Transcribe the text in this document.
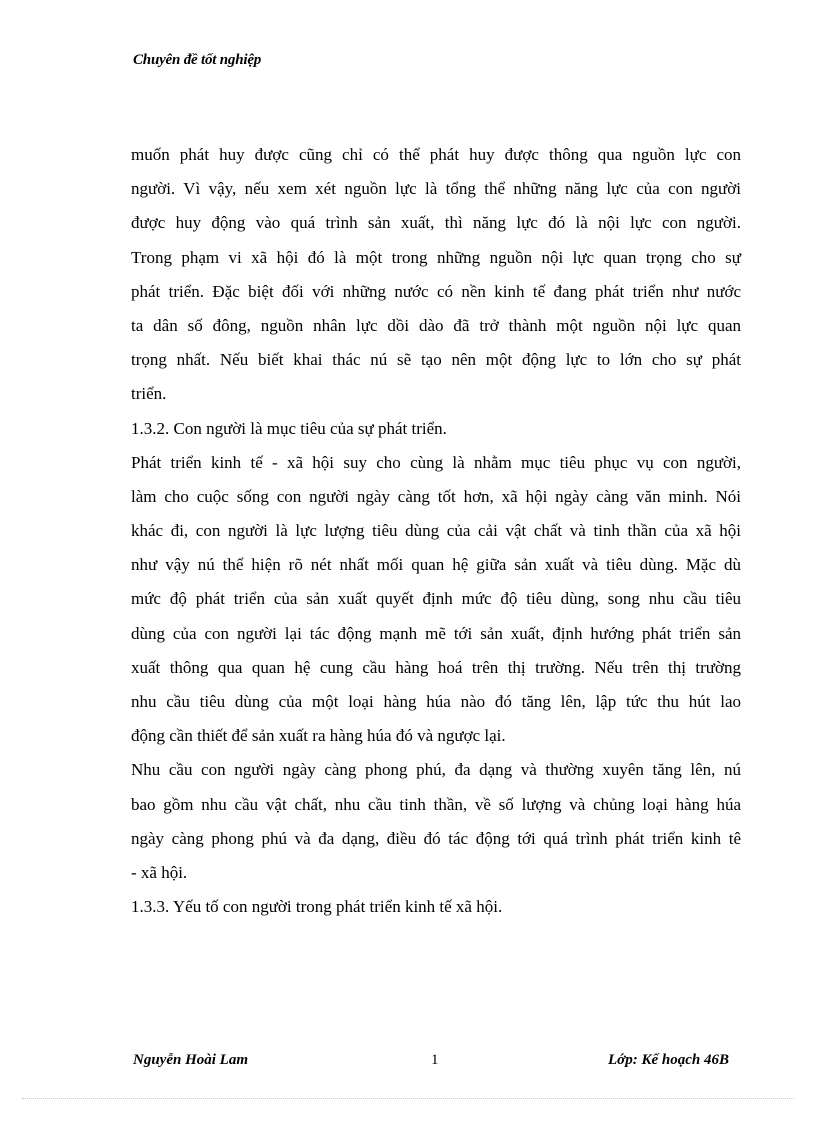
Chuyên đề tốt nghiệp
muốn phát huy được cũng chỉ có thể phát huy được thông qua nguồn lực con
người. Vì vậy, nếu xem xét nguồn lực là tổng thể những năng lực của con người
được huy động vào quá trình sản xuất, thì năng lực đó là nội lực con người.
Trong phạm vi xã hội đó là một trong những nguồn nội lực quan trọng cho sự
phát triển. Đặc biệt đối với những nước có nền kinh tế đang phát triển như nước
ta dân số đông, nguồn nhân lực dồi dào đã trở thành một nguồn nội lực quan
trọng nhất. Nếu biết khai thác nú sẽ tạo nên một động lực to lớn cho sự phát
triển.
1.3.2. Con người là mục tiêu của sự phát triển.
Phát triển kinh tế - xã hội suy cho cùng là nhằm mục tiêu phục vụ con người,
làm cho cuộc sống con người ngày càng tốt hơn, xã hội ngày càng văn minh. Nói
khác đi, con người là lực lượng tiêu dùng của cải vật chất và tinh thần của xã hội
như vậy nú thể hiện rõ nét nhất mối quan hệ giữa sản xuất và tiêu dùng. Mặc dù
mức độ phát triển của sản xuất quyết định mức độ tiêu dùng, song nhu cầu tiêu
dùng của con người lại tác động mạnh mẽ tới sản xuất, định hướng phát triển sản
xuất thông qua quan hệ cung cầu hàng hoá trên thị trường. Nếu trên thị trường
nhu cầu tiêu dùng của một loại hàng húa nào đó tăng lên, lập tức thu hút lao
động cần thiết để sản xuất ra hàng húa đó và ngược lại.
Nhu cầu con người ngày càng phong phú, đa dạng và thường xuyên tăng lên, nú
bao gồm nhu cầu vật chất, nhu cầu tinh thần, về số lượng và chủng loại hàng húa
ngày càng phong phú và đa dạng, điều đó tác động tới quá trình phát triển kinh tê
- xã hội.
1.3.3. Yếu tố con người trong phát triển kinh tế xã hội.
Nguyễn Hoài Lam	1	Lớp: Kế hoạch 46B
